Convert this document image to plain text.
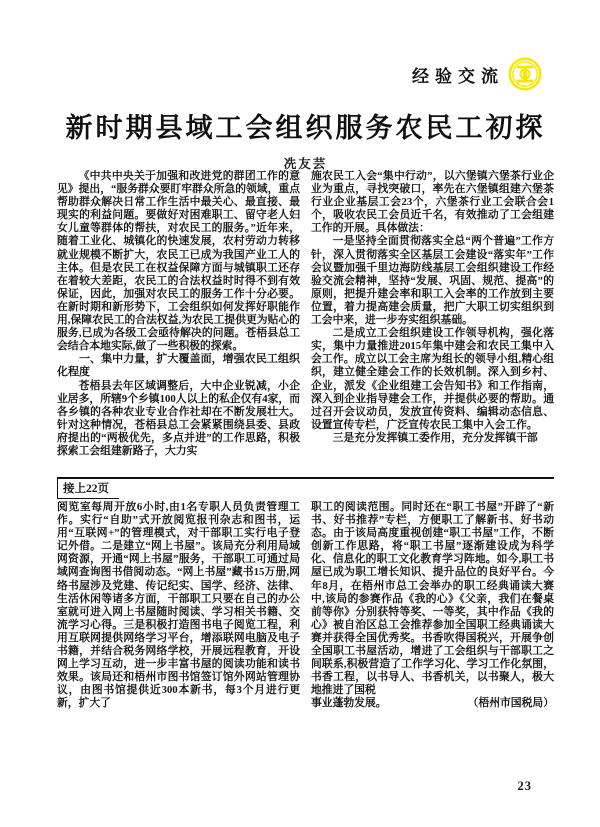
经验交流
新时期县域工会组织服务农民工初探
冼友芸

《中共中央关于加强和改进党的群团工作的意见》提出，“服务群众要盯牢群众所急的领域，重点帮助群众解决日常工作生活中最关心、最直接、最现实的利益问题。要做好对困难职工、留守老人妇女儿童等群体的帮扶，对农民工的服务。”近年来，随着工业化、城镇化的快速发展，农村劳动力转移就业规模不断扩大，农民工已成为我国产业工人的主体。但是农民工在权益保障方面与城镇职工还存在着较大差距，农民工的合法权益时时得不到有效保证，因此，加强对农民工的服务工作十分必要。在新时期和新形势下，工会组织如何发挥好职能作用,保障农民工的合法权益,为农民工提供更为贴心的服务,已成为各级工会亟待解决的问题。苍梧县总工会结合本地实际,做了一些积极的探索。

一、集中力量，扩大覆盖面，增强农民工组织化程度

苍梧县去年区域调整后，大中企业锐减，小企业居多，所辖9个乡镇100人以上的私企仅有4家，而各乡镇的各种农业专业合作社却在不断发展壮大。针对这种情况，苍梧县总工会紧紧围绕县委、县政府提出的“两极优先，多点并进”的工作思路，积极探索工会组建新路子，大力实

施农民工入会“集中行动”，以六堡镇六堡茶行业企业为重点，寻找突破口，率先在六堡镇组建六堡茶行业企业基层工会23个，六堡茶行业工会联合会1个，吸收农民工会员近千名，有效推动了工会组建工作的开展。具体做法：

一是坚持全面贯彻落实全总“两个普遍”工作方针，深入贯彻落实全区基层工会建设“落实年”工作会议暨加强千里边海防线基层工会组织建设工作经验交流会精神，坚持“发展、巩固、规范、提高”的原则，把提升建会率和职工入会率的工作放到主要位置，着力提高建会质量，把广大职工切实组织到工会中来，进一步夯实组织基础。

二是成立工会组织建设工作领导机构，强化落实，集中力量推进2015年集中建会和农民工集中入会工作。成立以工会主席为组长的领导小组,精心组织，建立健全建会工作的长效机制。深入到乡村、企业，派发《企业组建工会告知书》和工作指南，深入到企业指导建会工作，并提供必要的帮助。通过召开会议动员，发放宣传资料、编辑动态信息、设置宣传专栏，广泛宣传农民工集中入会工作。

三是充分发挥镇工委作用，充分发挥镇干部

接上22页

阅览室每周开放6小时,由1名专职人员负责管理工作。实行“自助”式开放阅览报刊杂志和图书，运用“互联网+”的管理模式，对干部职工实行电子登记外借。二是建立“网上书屋”。该局充分利用局域网资源，开通“网上书屋”服务，干部职工可通过局域网查询图书借阅动态。“网上书屋”藏书15万册,网络书屋涉及党建、传记纪实、国学、经济、法律、生活休闲等诸多方面，干部职工只要在自己的办公室就可进入网上书屋随时阅读、学习相关书籍、交流学习心得。三是积极打造图书电子阅览工程，利用互联网提供网络学习平台，增添联网电脑及电子书籍，并结合税务网络学校，开展远程教育，开设网上学习互动，进一步丰富书屋的阅读功能和读书效果。该局还和梧州市图书馆签订馆外网站管理协议，由图书馆提供近300本新书，每3个月进行更新，扩大了

职工的阅读范围。同时还在“职工书屋”开辟了“新书、好书推荐”专栏，方便职工了解新书、好书动态。由于该局高度重视创建“职工书屋”工作，不断创新工作思路，将“职工书屋”逐渐建设成为科学化、信息化的职工文化教育学习阵地。如今,职工书屋已成为职工增长知识、提升品位的良好平台。今年8月，在梧州市总工会举办的职工经典诵读大赛中,该局的参赛作品《我的心》《父亲，我们在餐桌前等你》分别获特等奖、一等奖，其中作品《我的心》被自治区总工会推荐参加全国职工经典诵读大赛并获得全国优秀奖。书香吹得国税兴，开展争创全国职工书屋活动，增进了工会组织与干部职工之间联系,积极营造了工作学习化、学习工作化氛围，书香工程，以书导人、书香机关，以书聚人，极大地推进了国税

事业蓬勃发展。	（梧州市国税局）
23
